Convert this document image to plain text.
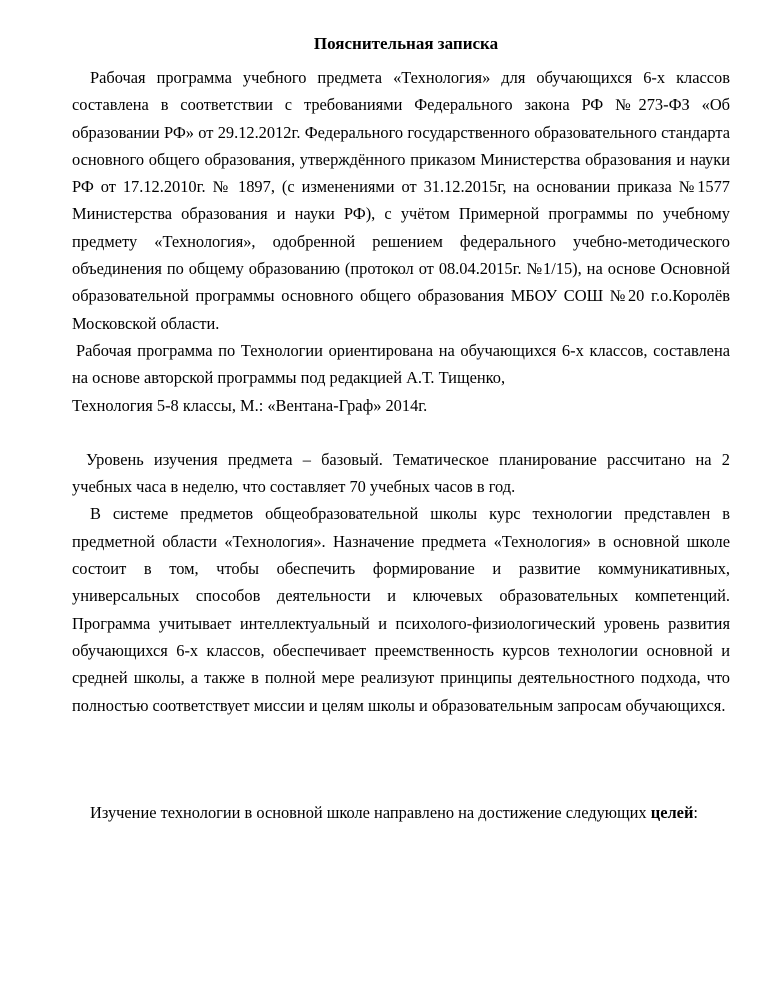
Пояснительная записка

Рабочая программа учебного предмета «Технология» для обучающихся 6-х классов составлена в соответствии с требованиями Федерального закона РФ №273-ФЗ «Об образовании РФ» от 29.12.2012г. Федерального государственного образовательного стандарта основного общего образования, утверждённого приказом Министерства образования и науки РФ от 17.12.2010г. № 1897, (с изменениями от 31.12.2015г, на основании приказа №1577 Министерства образования и науки РФ), с учётом Примерной программы по учебному предмету «Технология», одобренной решением федерального учебно-методического объединения по общему образованию (протокол от 08.04.2015г. №1/15), на основе Основной образовательной программы основного общего образования МБОУ СОШ №20 г.о.Королёв Московской области.

Рабочая программа по Технологии ориентирована на обучающихся 6-х классов, составлена на основе авторской программы под редакцией А.Т. Тищенко,

Технология 5-8 классы, М.: «Вентана-Граф» 2014г.

Уровень изучения предмета – базовый. Тематическое планирование рассчитано на 2 учебных часа в неделю, что составляет 70 учебных часов в год.

В системе предметов общеобразовательной школы курс технологии представлен в предметной области «Технология». Назначение предмета «Технология» в основной школе состоит в том, чтобы обеспечить формирование и развитие коммуникативных, универсальных способов деятельности и ключевых образовательных компетенций. Программа учитывает интеллектуальный и психолого-физиологический уровень развития обучающихся 6-х классов, обеспечивает преемственность курсов технологии основной и средней школы, а также в полной мере реализуют принципы деятельностного подхода, что полностью соответствует миссии и целям школы и образовательным запросам обучающихся.

Изучение технологии в основной школе направлено на достижение следующих целей:
